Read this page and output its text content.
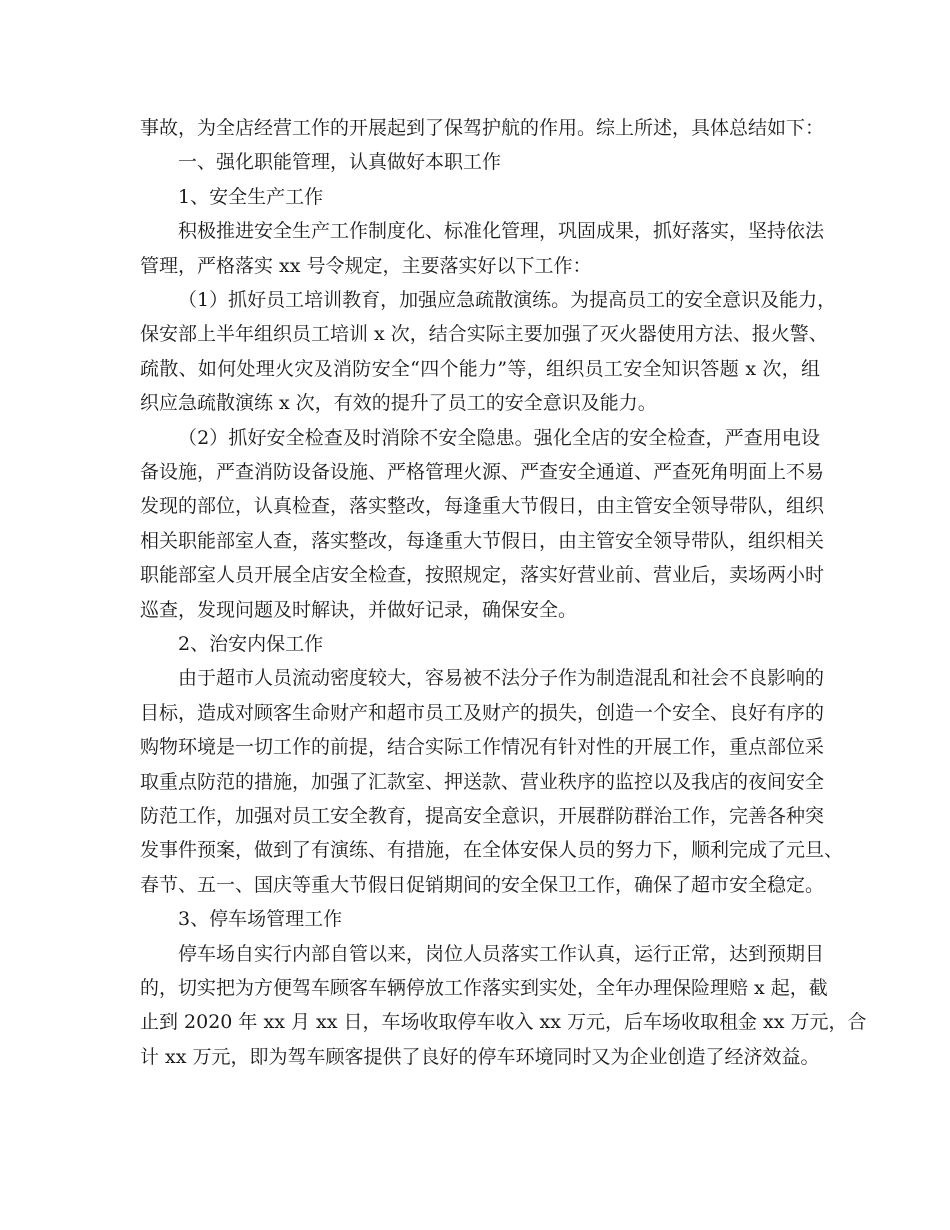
事故，为全店经营工作的开展起到了保驾护航的作用。综上所述，具体总结如下：
一、强化职能管理，认真做好本职工作
1、安全生产工作
积极推进安全生产工作制度化、标准化管理，巩固成果，抓好落实，坚持依法
管理，严格落实 xx 号令规定，主要落实好以下工作：
（1）抓好员工培训教育，加强应急疏散演练。为提高员工的安全意识及能力，
保安部上半年组织员工培训 x 次，结合实际主要加强了灭火器使用方法、报火警、
疏散、如何处理火灾及消防安全“四个能力”等，组织员工安全知识答题 x 次，组
织应急疏散演练 x 次，有效的提升了员工的安全意识及能力。
（2）抓好安全检查及时消除不安全隐患。强化全店的安全检查，严查用电设
备设施，严查消防设备设施、严格管理火源、严查安全通道、严查死角明面上不易
发现的部位，认真检查，落实整改，每逢重大节假日，由主管安全领导带队，组织
相关职能部室人查，落实整改，每逢重大节假日，由主管安全领导带队，组织相关
职能部室人员开展全店安全检查，按照规定，落实好营业前、营业后，卖场两小时
巡查，发现问题及时解诀，并做好记录，确保安全。
2、治安内保工作
由于超市人员流动密度较大，容易被不法分子作为制造混乱和社会不良影响的
目标，造成对顾客生命财产和超市员工及财产的损失，创造一个安全、良好有序的
购物环境是一切工作的前提，结合实际工作情况有针对性的开展工作，重点部位采
取重点防范的措施，加强了汇款室、押送款、营业秩序的监控以及我店的夜间安全
防范工作，加强对员工安全教育，提高安全意识，开展群防群治工作，完善各种突
发事件预案，做到了有演练、有措施，在全体安保人员的努力下，顺利完成了元旦、
春节、五一、国庆等重大节假日促销期间的安全保卫工作，确保了超市安全稳定。
3、停车场管理工作
停车场自实行内部自管以来，岗位人员落实工作认真，运行正常，达到预期目
的，切实把为方便驾车顾客车辆停放工作落实到实处，全年办理保险理赔 x 起，截
止到 2020 年 xx 月 xx 日，车场收取停车收入 xx 万元，后车场收取租金 xx 万元，合
计 xx 万元，即为驾车顾客提供了良好的停车环境同时又为企业创造了经济效益。
